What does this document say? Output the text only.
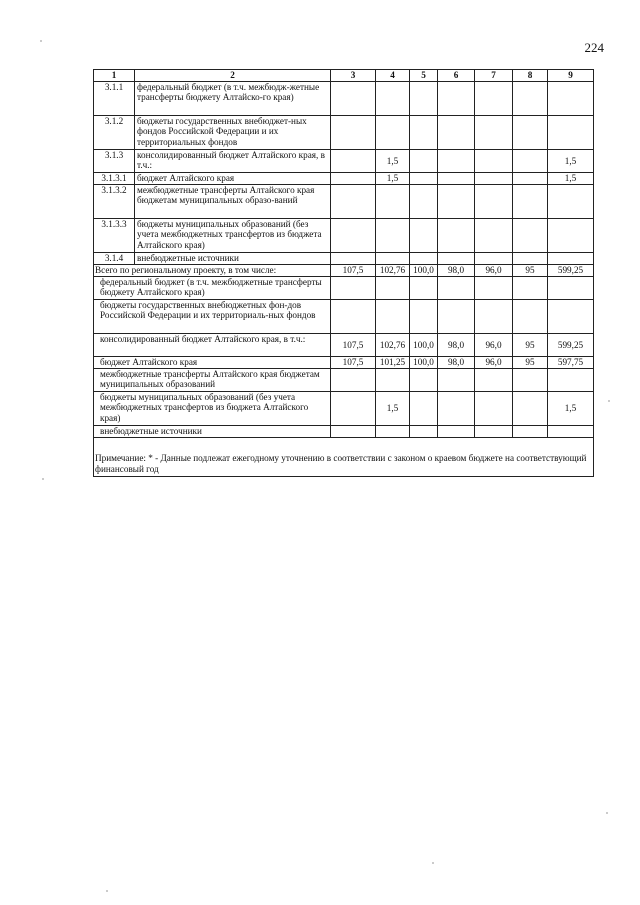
224
1	2	3	4	5	6	7	8	9
3.1.1	федеральный бюджет (в т.ч. межбюдж-жетные трансферты бюджету Алтайско-го края)							
3.1.2	бюджеты государственных внебюджет-ных фондов Российской Федерации и их территориальных фондов							
3.1.3	консолидированный бюджет Алтайского края, в т.ч.:		1,5					1,5
3.1.3.1	бюджет Алтайского края		1,5					1,5
3.1.3.2	межбюджетные трансферты Алтайского края бюджетам муниципальных образо-ваний							
3.1.3.3	бюджеты муниципальных образований (без учета межбюджетных трансфертов из бюджета Алтайского края)							
3.1.4	внебюджетные источники							
Всего по региональному проекту, в том числе:		107,5	102,76	100,0	98,0	96,0	95	599,25
федеральный бюджет (в т.ч. межбюджетные трансферты бюджету Алтайского края)								
бюджеты государственных внебюджетных фон-дов Российской Федерации и их территориаль-ных фондов								
консолидированный бюджет Алтайского края, в т.ч.:		107,5	102,76	100,0	98,0	96,0	95	599,25
бюджет Алтайского края		107,5	101,25	100,0	98,0	96,0	95	597,75
межбюджетные трансферты Алтайского края бюджетам муниципальных образований								
бюджеты муниципальных образований (без учета межбюджетных трансфертов из бюджета Алтайского края)			1,5					1,5
внебюджетные источники								

Примечание: * - Данные подлежат ежегодному уточнению в соответствии с законом о краевом бюджете на соответствующий финансовый год								
